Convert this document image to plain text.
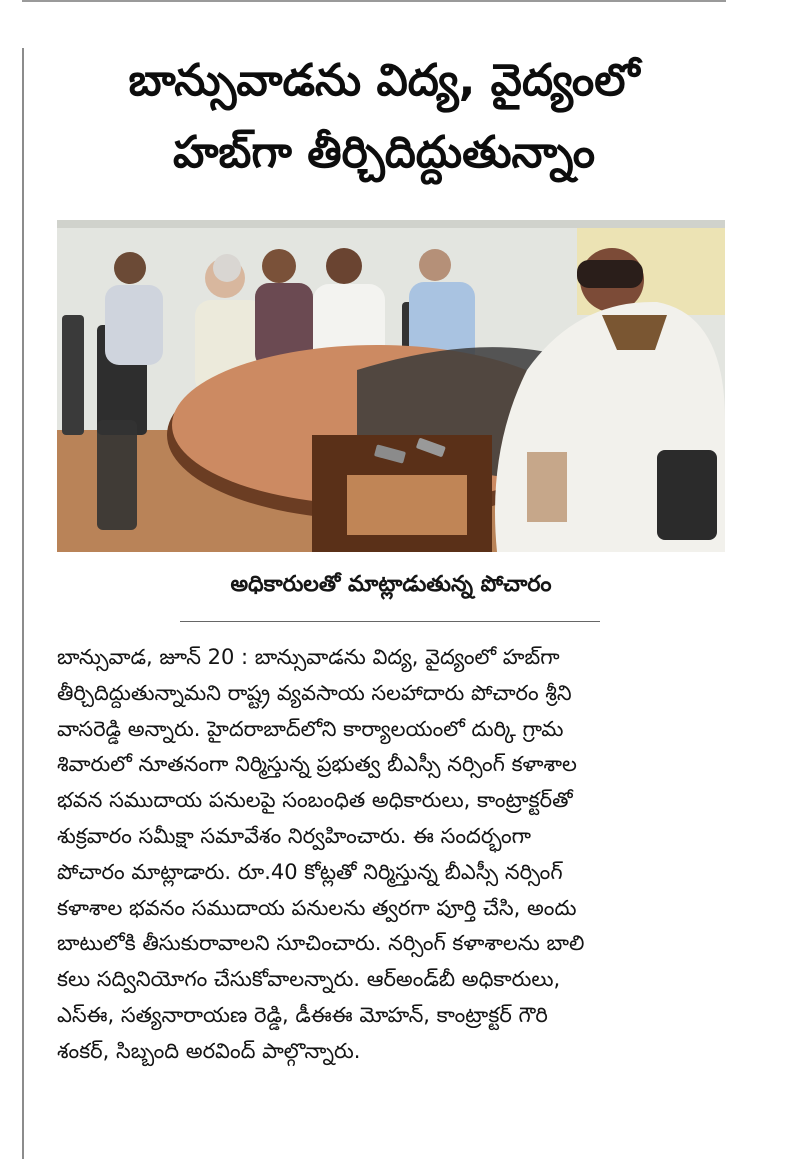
బాన్సువాడను విద్య, వైద్యంలో
హబ్‌గా తీర్చిదిద్దుతున్నాం

అధికారులతో మాట్లాడుతున్న పోచారం

బాన్సువాడ, జూన్ 20 : బాన్సువాడను విద్య, వైద్యంలో హబ్‌గా
తీర్చిదిద్దుతున్నామని రాష్ట్ర వ్యవసాయ సలహాదారు పోచారం శ్రీని
వాసరెడ్డి అన్నారు. హైదరాబాద్‌లోని కార్యాలయంలో దుర్కి గ్రామ
శివారులో నూతనంగా నిర్మిస్తున్న ప్రభుత్వ బీఎస్సీ నర్సింగ్ కళాశాల
భవన సముదాయ పనులపై సంబంధిత అధికారులు, కాంట్రాక్టర్‌తో
శుక్రవారం సమీక్షా సమావేశం నిర్వహించారు. ఈ సందర్భంగా
పోచారం మాట్లాడారు. రూ.40 కోట్లతో నిర్మిస్తున్న బీఎస్సీ నర్సింగ్
కళాశాల భవనం సముదాయ పనులను త్వరగా పూర్తి చేసి, అందు
బాటులోకి తీసుకురావాలని సూచించారు. నర్సింగ్ కళాశాలను బాలి
కలు సద్వినియోగం చేసుకోవాలన్నారు. ఆర్‌అండ్‌బీ అధికారులు,
ఎస్‌ఈ, సత్యనారాయణ రెడ్డి, డీఈఈ మోహన్, కాంట్రాక్టర్ గౌరి
శంకర్, సిబ్బంది అరవింద్ పాల్గొన్నారు.
